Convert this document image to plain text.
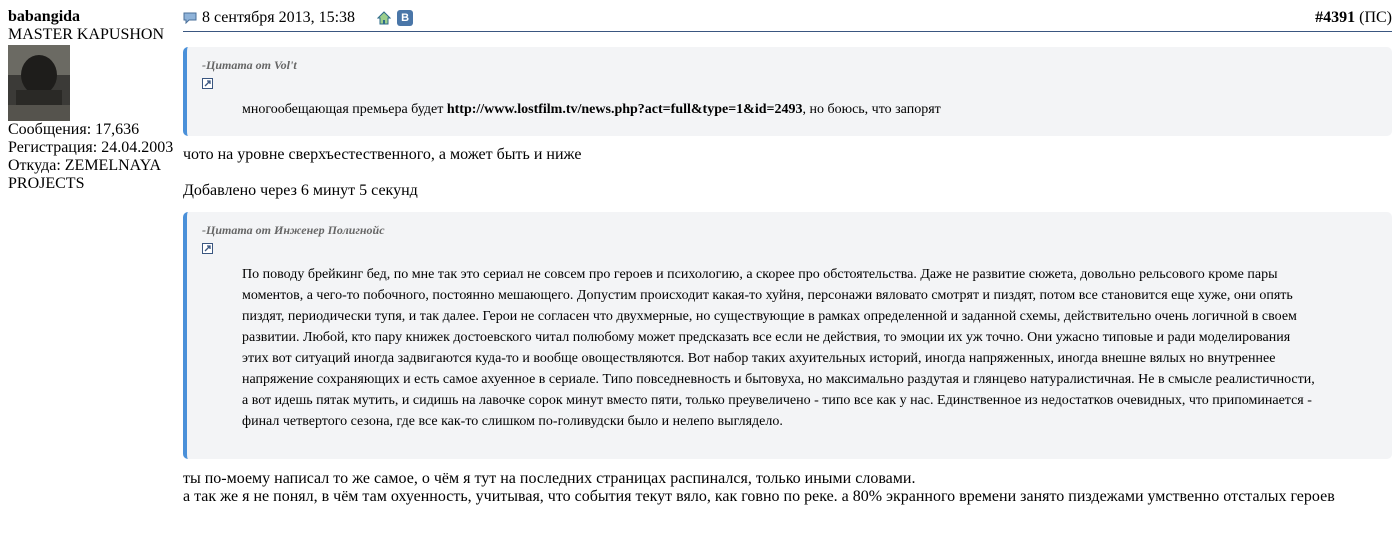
babangida
MASTER KAPUSHON
Сообщения: 17,636
Регистрация: 24.04.2003
Откуда: ZEMELNAYA
PROJECTS
8 сентября 2013, 15:38	В	#4391 (ПС)
-Цитата от Vol't
многообещающая премьера будет http://www.lostfilm.tv/news.php?act=full&type=1&id=2493, но боюсь, что запорят
чото на уровне сверхъестественного, а может быть и ниже
Добавлено через 6 минут 5 секунд
-Цитата от Инженер Полигнойс
По поводу брейкинг бед, по мне так это сериал не совсем про героев и психологию, а скорее про обстоятельства. Даже не развитие сюжета, довольно рельсового кроме пары моментов, а чего-то побочного, постоянно мешающего. Допустим происходит какая-то хуйня, персонажи вяловато смотрят и пиздят, потом все становится еще хуже, они опять пиздят, периодически тупя, и так далее. Герои не согласен что двухмерные, но существующие в рамках определенной и заданной схемы, действительно очень логичной в своем развитии. Любой, кто пару книжек достоевского читал полюбому может предсказать все если не действия, то эмоции их уж точно. Они ужасно типовые и ради моделирования этих вот ситуаций иногда задвигаются куда-то и вообще овоществляются. Вот набор таких ахуительных историй, иногда напряженных, иногда внешне вялых но внутреннее напряжение сохраняющих и есть самое ахуенное в сериале. Типо повседневность и бытовуха, но максимально раздутая и глянцево натуралистичная. Не в смысле реалистичности, а вот идешь пятак мутить, и сидишь на лавочке сорок минут вместо пяти, только преувеличено - типо все как у нас. Единственное из недостатков очевидных, что припоминается - финал четвертого сезона, где все как-то слишком по-голивудски было и нелепо выглядело.
ты по-моему написал то же самое, о чём я тут на последних страницах распинался, только иными словами.
а так же я не понял, в чём там охуенность, учитывая, что события текут вяло, как говно по реке. а 80% экранного времени занято пиздежами умственно отсталых героев
